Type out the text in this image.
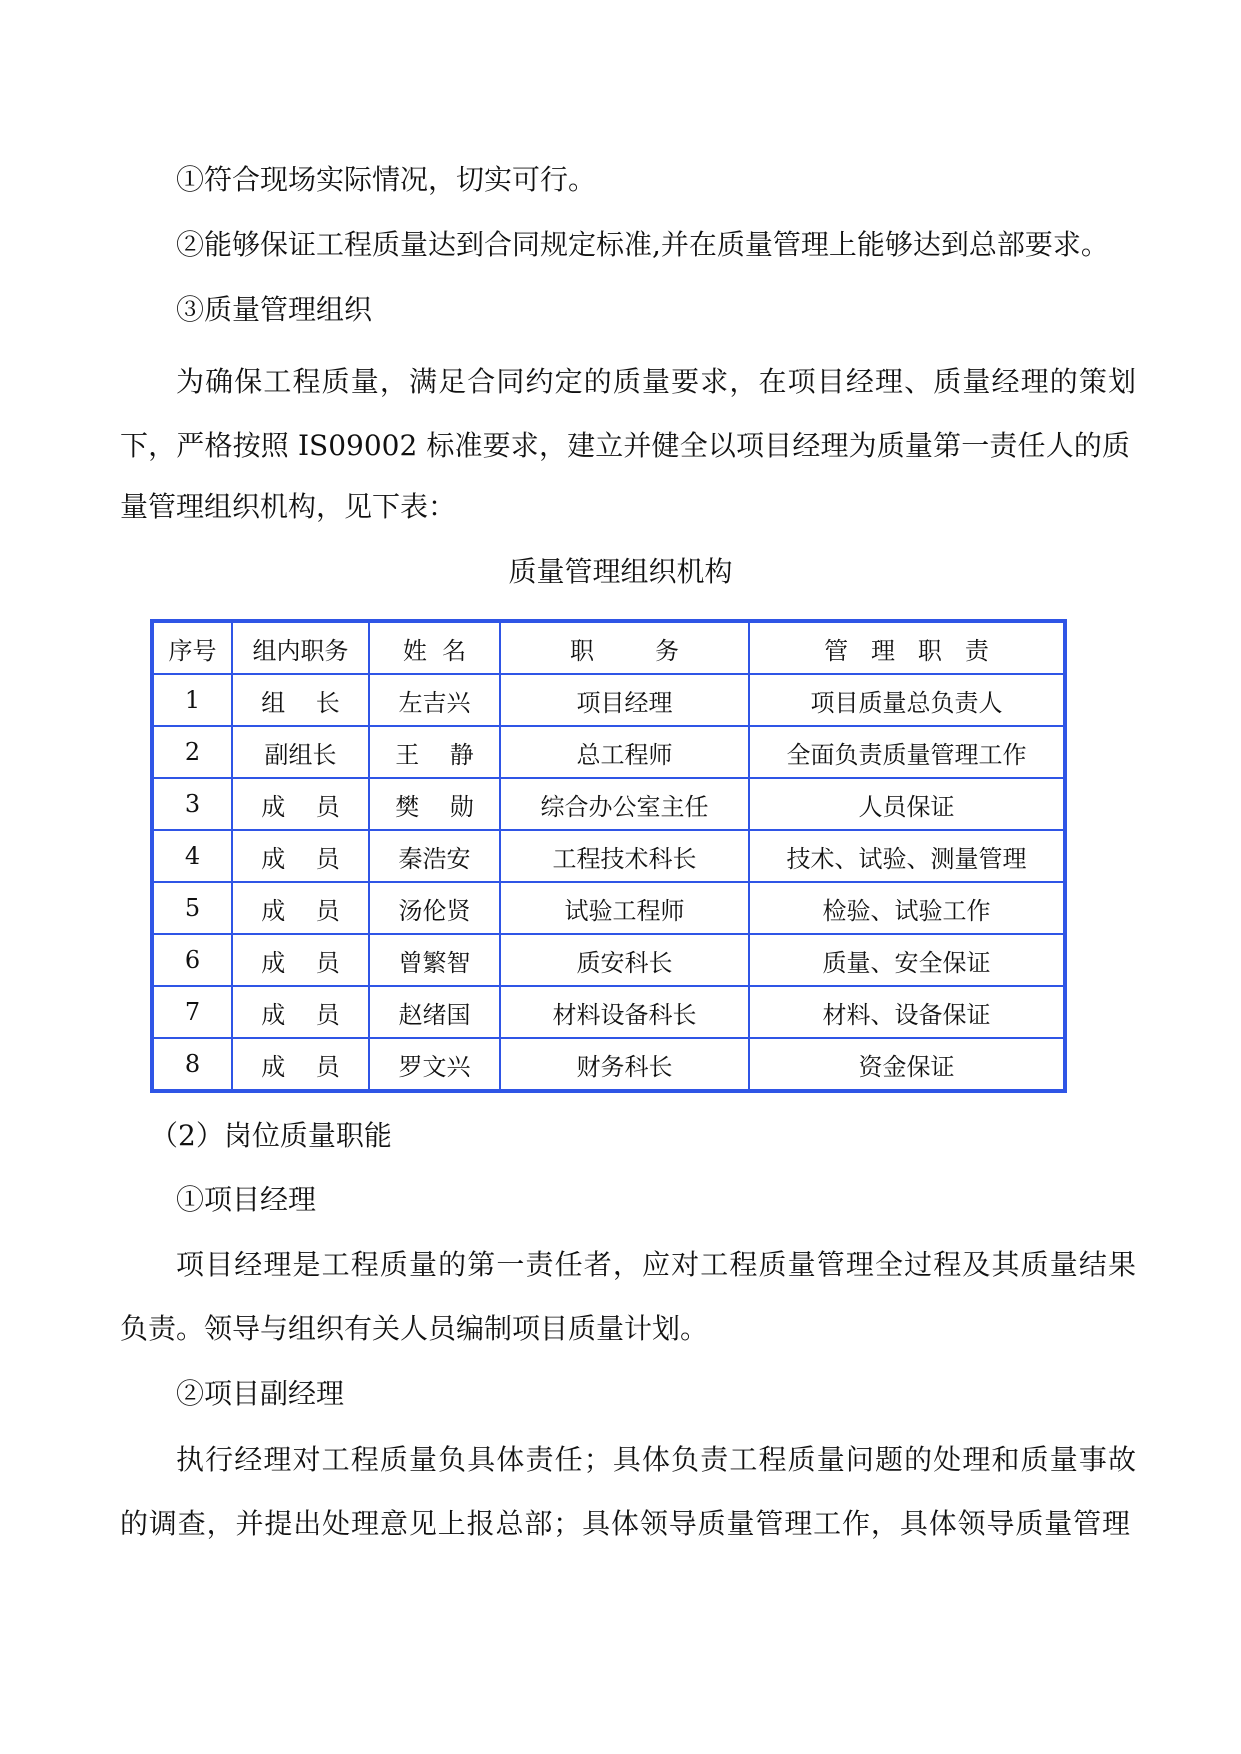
①符合现场实际情况，切实可行。
②能够保证工程质量达到合同规定标准,并在质量管理上能够达到总部要求。
③质量管理组织
为确保工程质量，满足合同约定的质量要求，在项目经理、质量经理的策划
下，严格按照 IS09002 标准要求，建立并健全以项目经理为质量第一责任人的质
量管理组织机构，见下表：
质量管理组织机构
序号	组内职务	姓  名	职        务	管   理   职   责
1	组    长	左吉兴	项目经理	项目质量总负责人
2	副组长	王    静	总工程师	全面负责质量管理工作
3	成    员	樊    勋	综合办公室主任	人员保证
4	成    员	秦浩安	工程技术科长	技术、试验、测量管理
5	成    员	汤伦贤	试验工程师	检验、试验工作
6	成    员	曾繁智	质安科长	质量、安全保证
7	成    员	赵绪国	材料设备科长	材料、设备保证
8	成    员	罗文兴	财务科长	资金保证
（2）岗位质量职能
①项目经理
项目经理是工程质量的第一责任者，应对工程质量管理全过程及其质量结果
负责。领导与组织有关人员编制项目质量计划。
②项目副经理
执行经理对工程质量负具体责任；具体负责工程质量问题的处理和质量事故
的调查，并提出处理意见上报总部；具体领导质量管理工作，具体领导质量管理
